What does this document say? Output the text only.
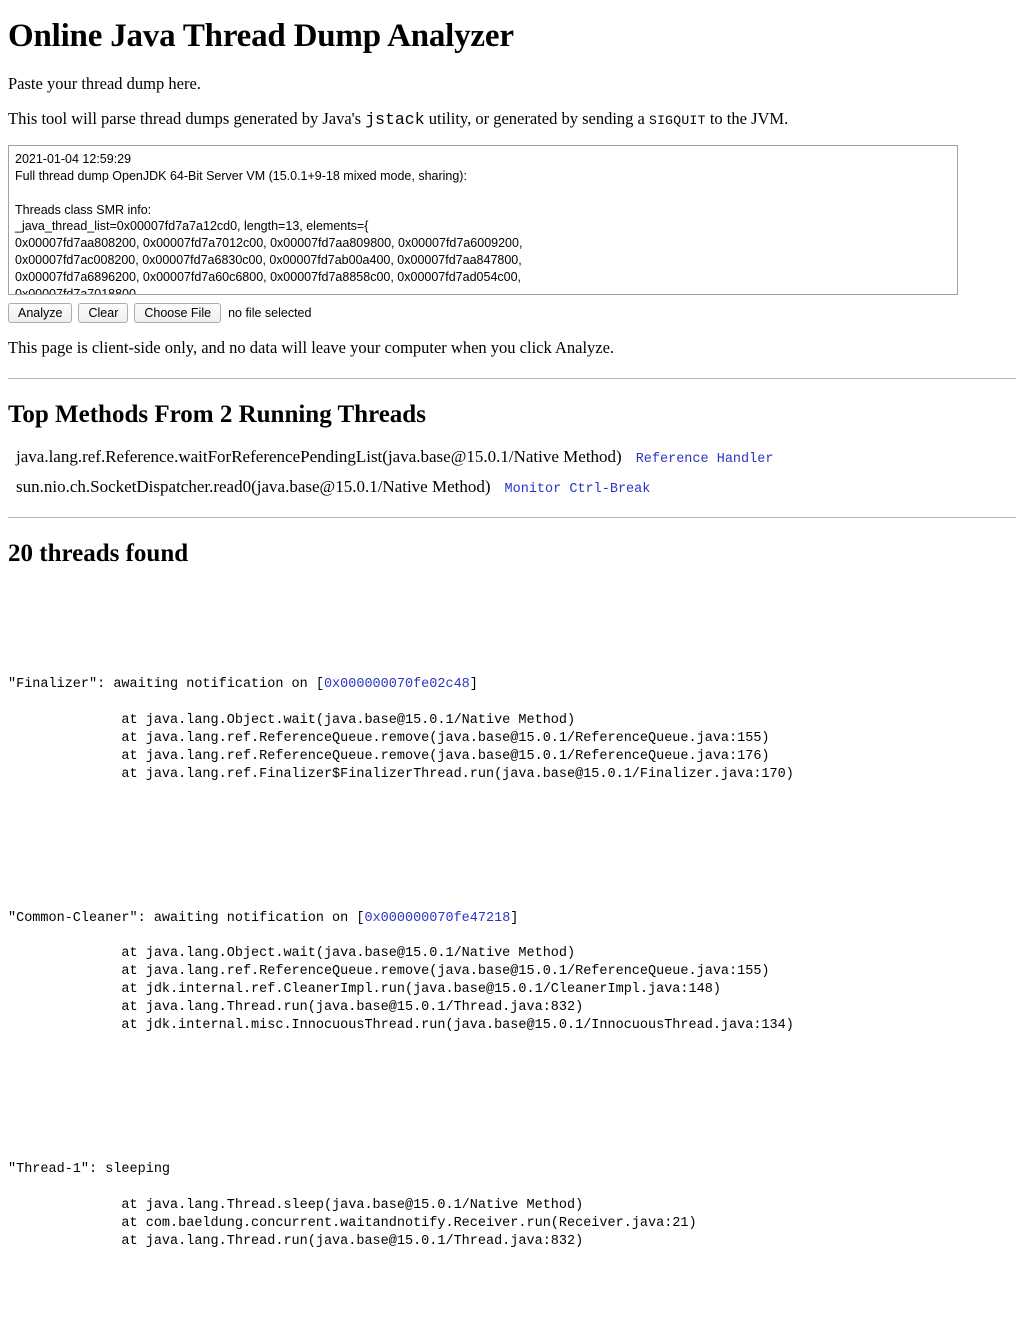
Online Java Thread Dump Analyzer

Paste your thread dump here.

This tool will parse thread dumps generated by Java's jstack utility, or generated by sending a SIGQUIT to the JVM.

2021-01-04 12:59:29 Full thread dump OpenJDK 64-Bit Server VM (15.0.1+9-18 mixed mode, sharing): Threads class SMR info: _java_thread_list=0x00007fd7a7a12cd0, length=13, elements={ 0x00007fd7aa808200, 0x00007fd7a7012c00, 0x00007fd7aa809800, 0x00007fd7a6009200, 0x00007fd7ac008200, 0x00007fd7a6830c00, 0x00007fd7ab00a400, 0x00007fd7aa847800, 0x00007fd7a6896200, 0x00007fd7a60c6800, 0x00007fd7a8858c00, 0x00007fd7ad054c00, 0x00007fd7a7018800 }
Analyze	Clear	Choose File	no file selected

This page is client-side only, and no data will leave your computer when you click Analyze.

Top Methods From 2 Running Threads
java.lang.ref.Reference.waitForReferencePendingList(java.base@15.0.1/Native Method) Reference Handler
sun.nio.ch.SocketDispatcher.read0(java.base@15.0.1/Native Method) Monitor Ctrl-Break
20 threads found

"Finalizer": awaiting notification on [0x000000070fe02c48]

at java.lang.Object.wait(java.base@15.0.1/Native Method)
at java.lang.ref.ReferenceQueue.remove(java.base@15.0.1/ReferenceQueue.java:155)
at java.lang.ref.ReferenceQueue.remove(java.base@15.0.1/ReferenceQueue.java:176)
at java.lang.ref.Finalizer$FinalizerThread.run(java.base@15.0.1/Finalizer.java:170)

"Common-Cleaner": awaiting notification on [0x000000070fe47218]

at java.lang.Object.wait(java.base@15.0.1/Native Method)
at java.lang.ref.ReferenceQueue.remove(java.base@15.0.1/ReferenceQueue.java:155)
at jdk.internal.ref.CleanerImpl.run(java.base@15.0.1/CleanerImpl.java:148)
at java.lang.Thread.run(java.base@15.0.1/Thread.java:832)
at jdk.internal.misc.InnocuousThread.run(java.base@15.0.1/InnocuousThread.java:134)

"Thread-1": sleeping

at java.lang.Thread.sleep(java.base@15.0.1/Native Method)
at com.baeldung.concurrent.waitandnotify.Receiver.run(Receiver.java:21)
at java.lang.Thread.run(java.base@15.0.1/Thread.java:832)
